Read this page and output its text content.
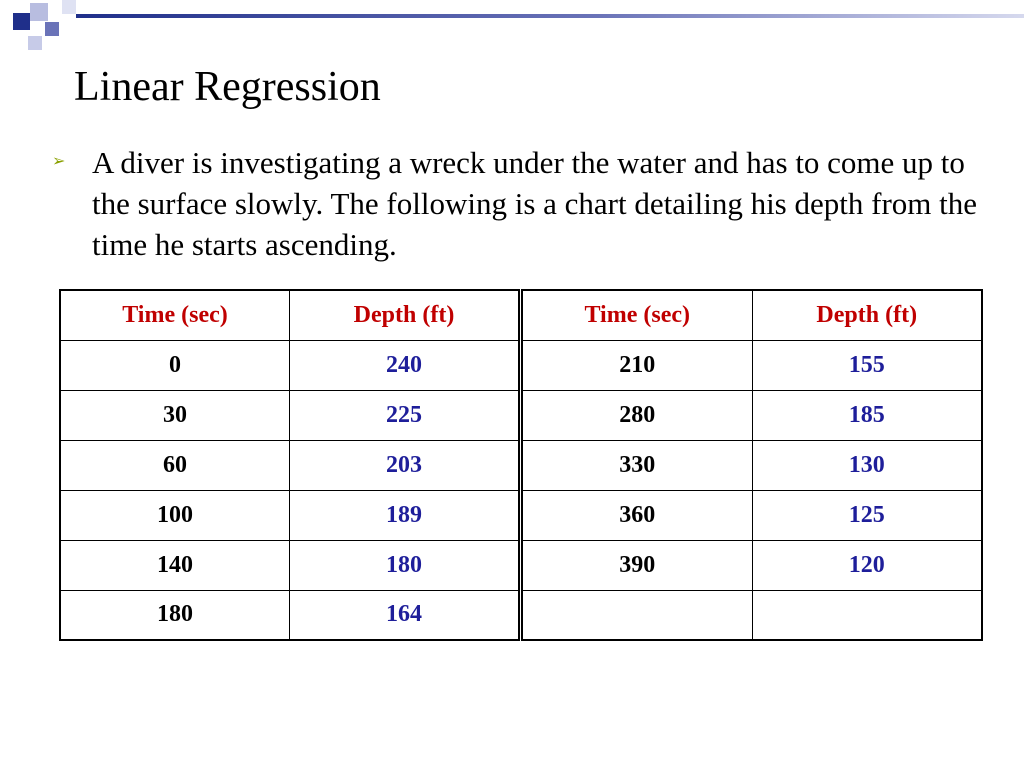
Linear Regression
➢ A diver is investigating a wreck under the water and has to come up to the surface slowly. The following is a chart detailing his depth from the time he starts ascending.
Time (sec)	Depth (ft)
0	240
30	225
60	203
100	189
140	180
180	164
Time (sec)	Depth (ft)
210	155
280	185
330	130
360	125
390	120
